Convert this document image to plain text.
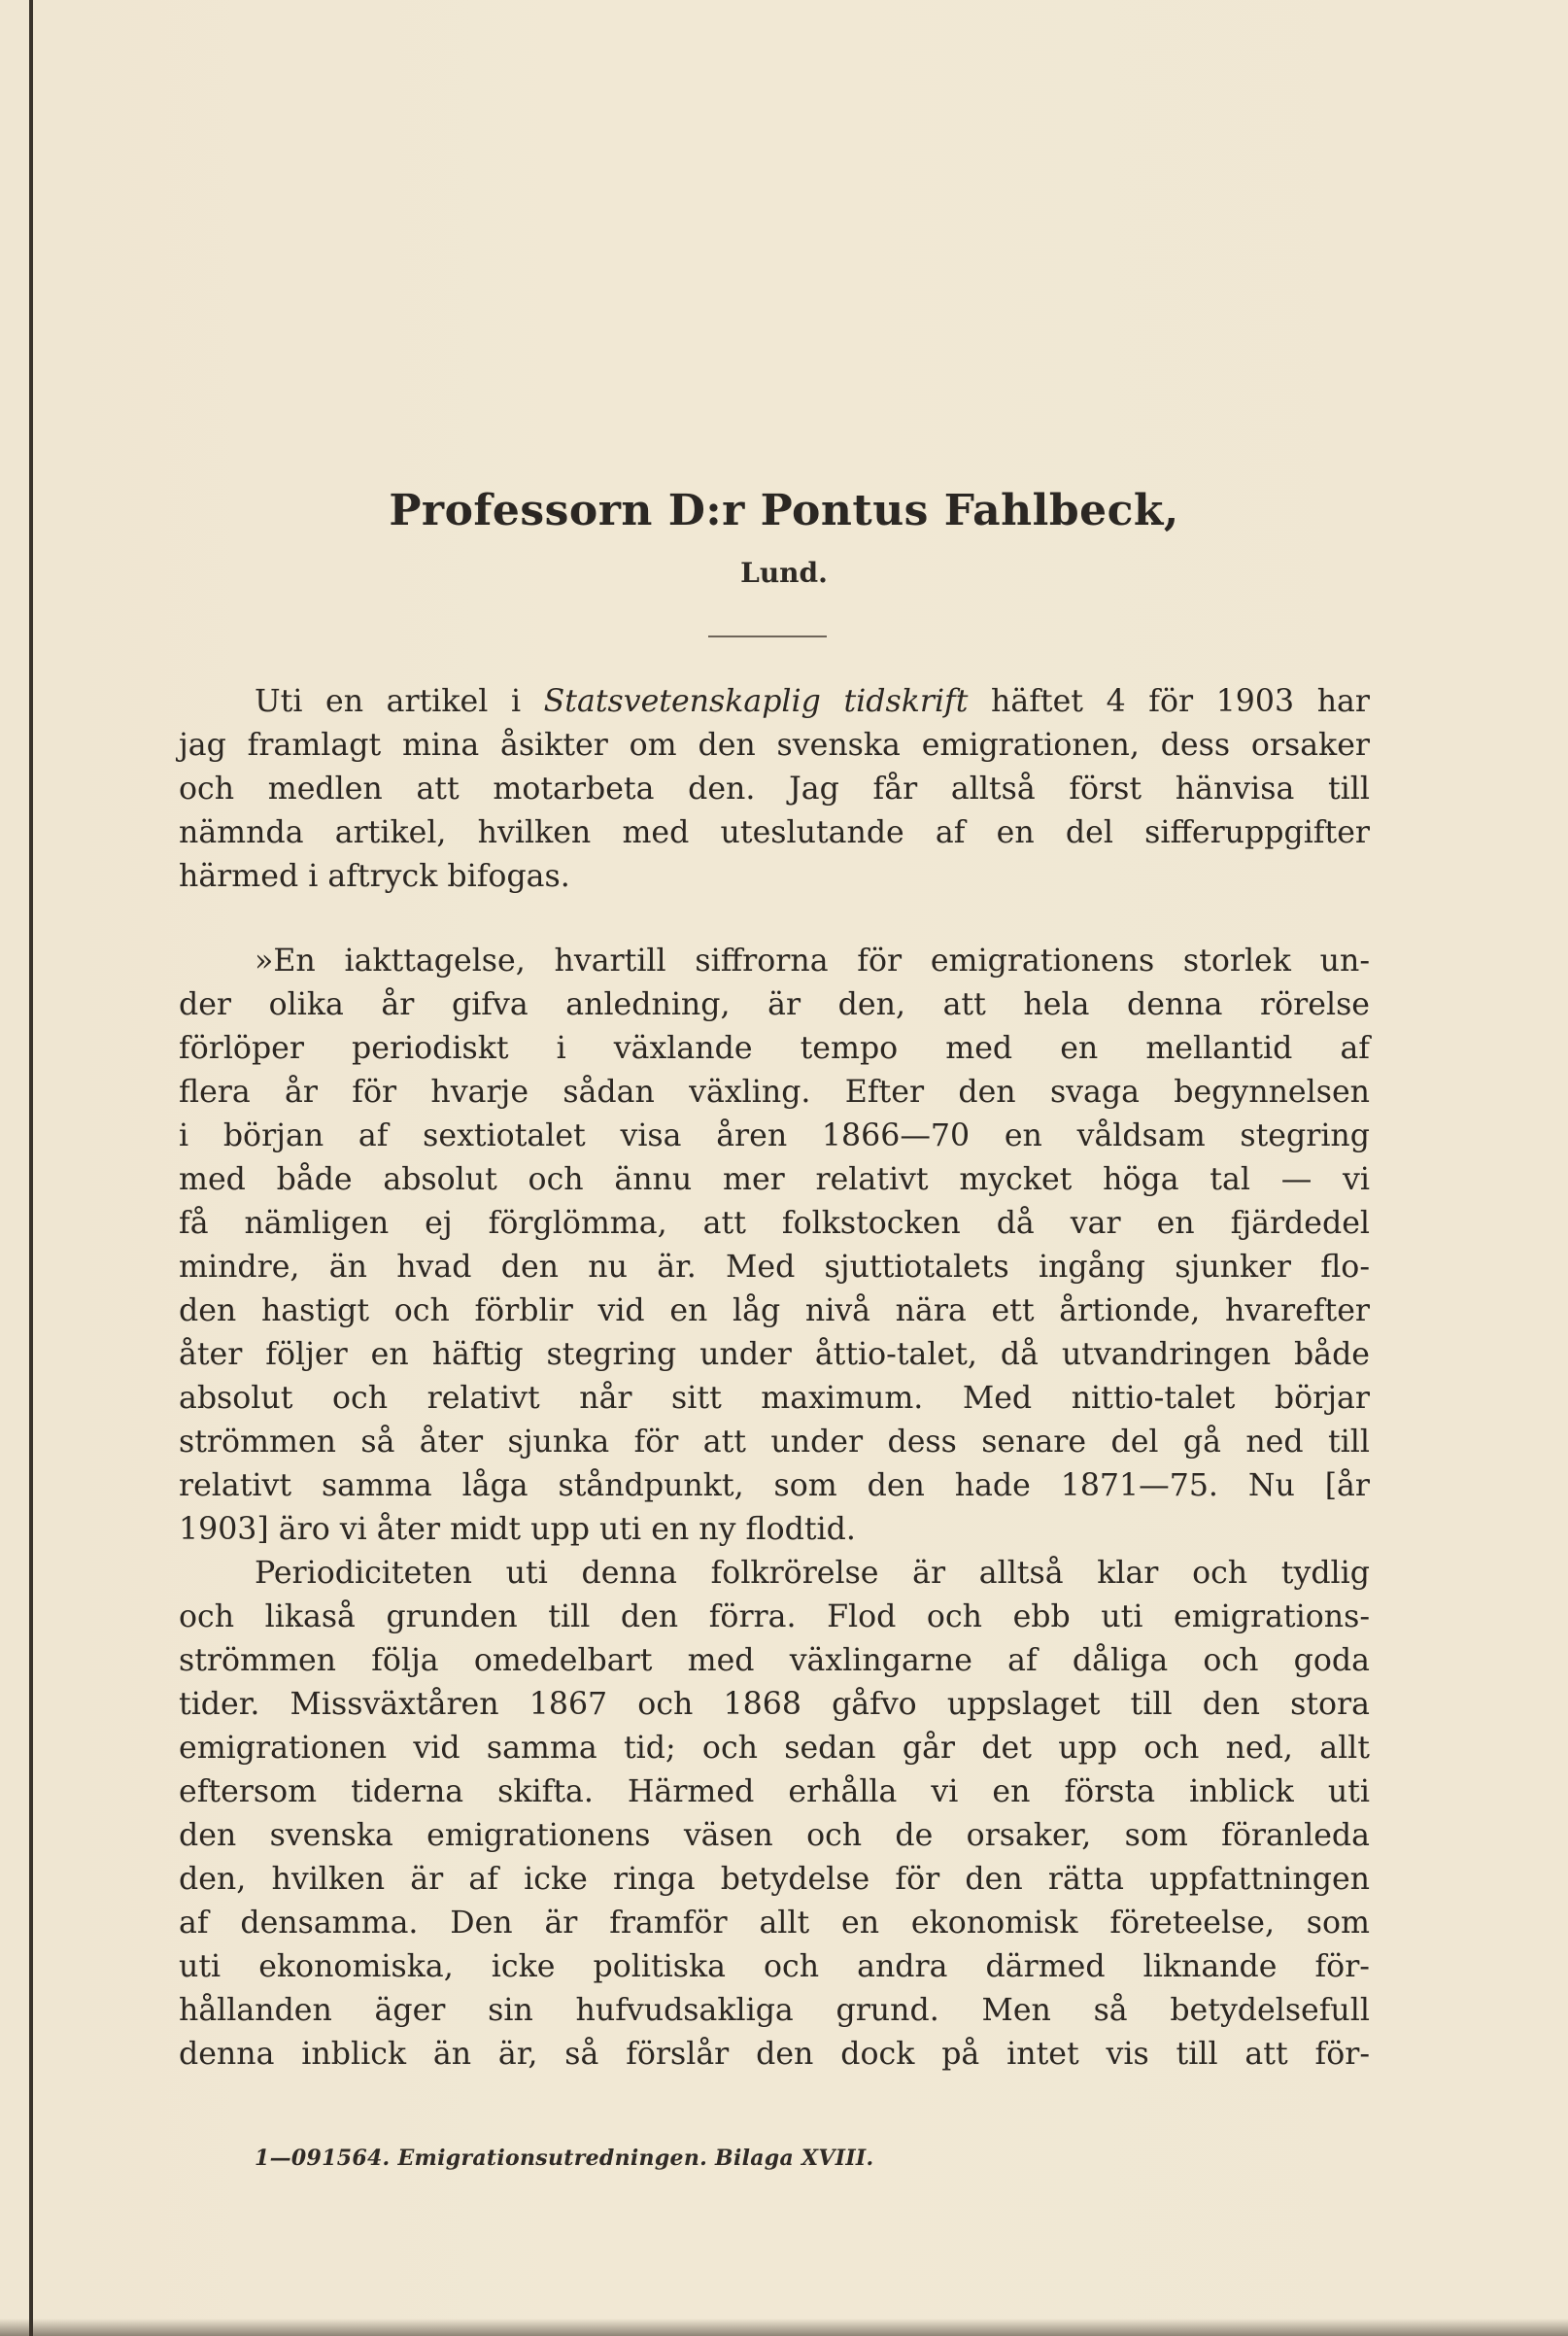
Professorn D:r Pontus Fahlbeck,
Lund.
Uti en artikel i Statsvetenskaplig tidskrift häftet 4 för 1903 har
jag framlagt mina åsikter om den svenska emigrationen, dess orsaker
och medlen att motarbeta den. Jag får alltså först hänvisa till
nämnda artikel, hvilken med uteslutande af en del sifferuppgifter
härmed i aftryck bifogas.
»En iakttagelse, hvartill siffrorna för emigrationens storlek un-
der olika år gifva anledning, är den, att hela denna rörelse
förlöper periodiskt i växlande tempo med en mellantid af
flera år för hvarje sådan växling. Efter den svaga begynnelsen
i början af sextiotalet visa åren 1866—70 en våldsam stegring
med både absolut och ännu mer relativt mycket höga tal — vi
få nämligen ej förglömma, att folkstocken då var en fjärdedel
mindre, än hvad den nu är. Med sjuttiotalets ingång sjunker flo-
den hastigt och förblir vid en låg nivå nära ett årtionde, hvarefter
åter följer en häftig stegring under åttio-talet, då utvandringen både
absolut och relativt når sitt maximum. Med nittio-talet börjar
strömmen så åter sjunka för att under dess senare del gå ned till
relativt samma låga ståndpunkt, som den hade 1871—75. Nu [år
1903] äro vi åter midt upp uti en ny flodtid.
Periodiciteten uti denna folkrörelse är alltså klar och tydlig
och likaså grunden till den förra. Flod och ebb uti emigrations-
strömmen följa omedelbart med växlingarne af dåliga och goda
tider. Missväxtåren 1867 och 1868 gåfvo uppslaget till den stora
emigrationen vid samma tid; och sedan går det upp och ned, allt
eftersom tiderna skifta. Härmed erhålla vi en första inblick uti
den svenska emigrationens väsen och de orsaker, som föranleda
den, hvilken är af icke ringa betydelse för den rätta uppfattningen
af densamma. Den är framför allt en ekonomisk företeelse, som
uti ekonomiska, icke politiska och andra därmed liknande för-
hållanden äger sin hufvudsakliga grund. Men så betydelsefull
denna inblick än är, så förslår den dock på intet vis till att för-
1—091564. Emigrationsutredningen. Bilaga XVIII.
